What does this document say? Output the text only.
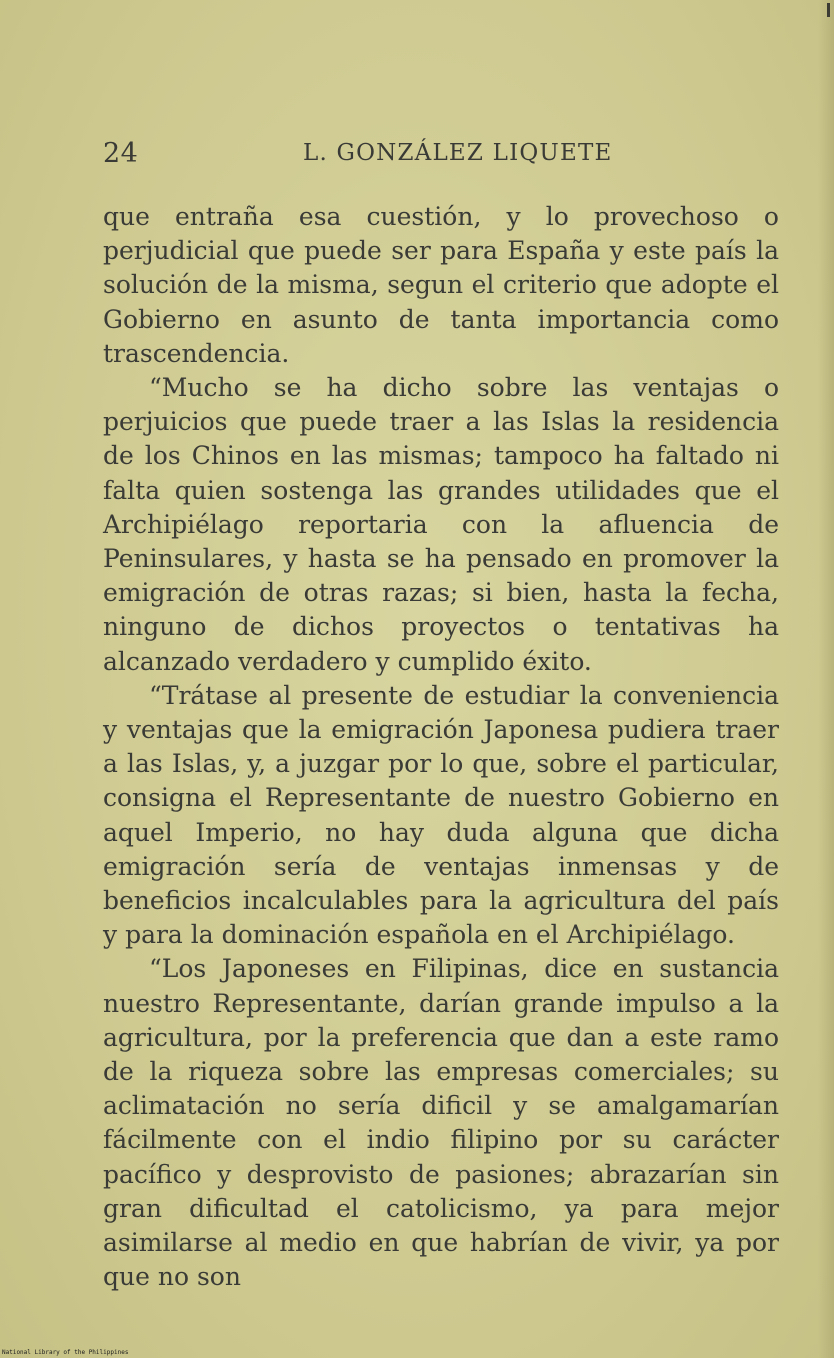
24	L. GONZÁLEZ LIQUETE

que entraña esa cuestión, y lo provechoso o perjudicial que puede ser para España y este país la solución de la misma, segun el criterio que adopte el Gobierno en asunto de tanta importancia como trascendencia.

“Mucho se ha dicho sobre las ventajas o perjuicios que puede traer a las Islas la residencia de los Chinos en las mismas; tampoco ha faltado ni falta quien sostenga las grandes utilidades que el Archipiélago reportaria con la afluencia de Peninsulares, y hasta se ha pensado en promover la emigración de otras razas; si bien, hasta la fecha, ninguno de dichos proyectos o tentativas ha alcanzado verdadero y cumplido éxito.

“Trátase al presente de estudiar la conveniencia y ventajas que la emigración Japonesa pudiera traer a las Islas, y, a juzgar por lo que, sobre el particular, consigna el Representante de nuestro Gobierno en aquel Imperio, no hay duda alguna que dicha emigración sería de ventajas inmensas y de beneficios incalculables para la agricultura del país y para la dominación española en el Archipiélago.

“Los Japoneses en Filipinas, dice en sustancia nuestro Representante, darían grande impulso a la agricultura, por la preferencia que dan a este ramo de la riqueza sobre las empresas comerciales; su aclimatación no sería dificil y se amalgamarían fácilmente con el indio filipino por su carácter pacífico y desprovisto de pasiones; abrazarían sin gran dificultad el catolicismo, ya para mejor asimilarse al medio en que habrían de vivir, ya por que no son

National Library of the Philippines
